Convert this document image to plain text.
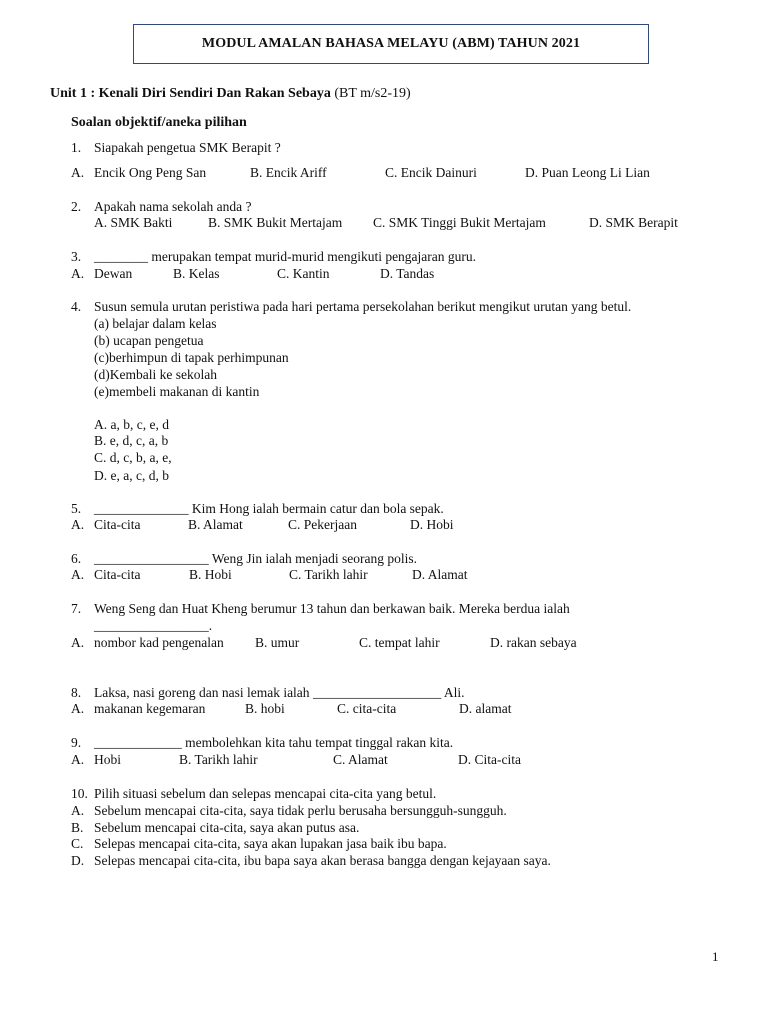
MODUL AMALAN BAHASA MELAYU (ABM) TAHUN 2021
Unit 1 : Kenali Diri Sendiri Dan Rakan Sebaya (BT m/s2-19)
Soalan objektif/aneka pilihan
1. Siapakah pengetua SMK Berapit ?
A. Encik Ong Peng San	B. Encik Ariff	C. Encik Dainuri	D. Puan Leong Li Lian
2. Apakah nama sekolah anda ?
A. SMK Bakti	B. SMK Bukit Mertajam C. SMK Tinggi Bukit Mertajam	D. SMK Berapit
3. ________ merupakan tempat murid-murid mengikuti pengajaran guru.
A. Dewan	B. Kelas	C. Kantin	D. Tandas
4. Susun semula urutan peristiwa pada hari pertama persekolahan berikut mengikut urutan yang betul.
(a) belajar dalam kelas
(b) ucapan pengetua
(c)berhimpun di tapak perhimpunan
(d)Kembali ke sekolah
(e)membeli makanan di kantin
A. a, b, c, e, d
B. e, d, c, a, b
C. d, c, b, a, e,
D. e, a, c, d, b
5. ______________ Kim Hong ialah bermain catur dan bola sepak.
A. Cita-cita	B. Alamat	C. Pekerjaan	D. Hobi
6. _________________ Weng Jin ialah menjadi seorang polis.
A. Cita-cita	B. Hobi	C. Tarikh lahir	D. Alamat
7. Weng Seng dan Huat Kheng berumur 13 tahun dan berkawan baik. Mereka berdua ialah
_________________.
A. nombor kad pengenalan B. umur	C. tempat lahir	D. rakan sebaya
8. Laksa, nasi goreng dan nasi lemak ialah ___________________ Ali.
A. makanan kegemaran	B. hobi	C. cita-cita	D. alamat
9. _____________ membolehkan kita tahu tempat tinggal rakan kita.
A. Hobi	B. Tarikh lahir	C. Alamat	D. Cita-cita
10. Pilih situasi sebelum dan selepas mencapai cita-cita yang betul.
A. Sebelum mencapai cita-cita, saya tidak perlu berusaha bersungguh-sungguh.
B. Sebelum mencapai cita-cita, saya akan putus asa.
C. Selepas mencapai cita-cita, saya akan lupakan jasa baik ibu bapa.
D. Selepas mencapai cita-cita, ibu bapa saya akan berasa bangga dengan kejayaan saya.
1
